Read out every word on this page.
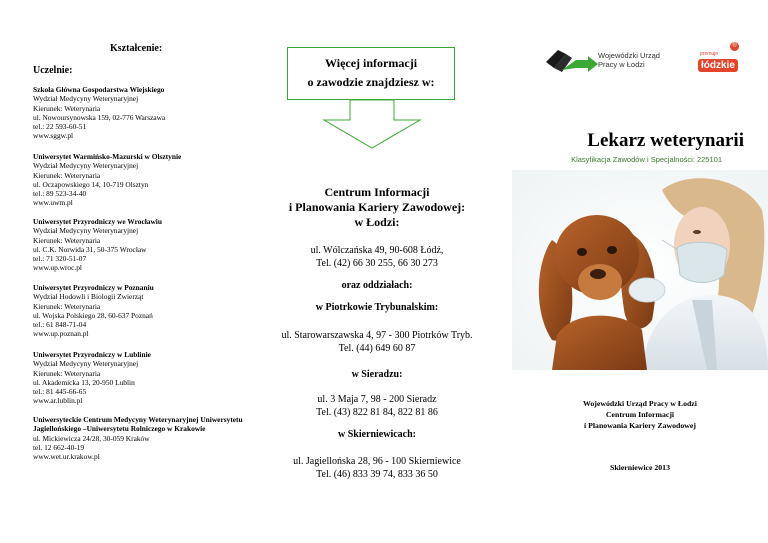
Kształcenie:
Uczelnie:
Szkoła Główna Gospodarstwa Wiejskiego
Wydział Medycyny Weterynaryjnej
Kierunek: Weterynaria
ul. Nowoursynowska 159, 02-776 Warszawa
tel.: 22 593-60-51
www.sggw.pl
Uniwersytet Warmińsko-Mazurski w Olsztynie
Wydział Medycyny Weterynaryjnej
Kierunek: Weterynaria
ul. Oczapowskiego 14, 10-719 Olsztyn
tel.: 89 523-34-40
www.uwm.pl
Uniwersytet Przyrodniczy we Wrocławiu
Wydział Medycyny Weterynaryjnej
Kierunek: Weterynaria
ul. C.K. Norwida 31, 50-375 Wrocław
tel.: 71 320-51-07
www.up.wroc.pl
Uniwersytet Przyrodniczy w Poznaniu
Wydział Hodowli i Biologii Zwierząt
Kierunek: Weterynaria
ul. Wojska Polskiego 28, 60-637 Poznań
tel.: 61 848-71-04
www.up.poznan.pl
Uniwersytet Przyrodniczy w Lublinie
Wydział Medycyny Weterynaryjnej
Kierunek: Weterynaria
ul. Akademicka 13, 20-950 Lublin
tel.: 81 445-66-65
www.ar.lublin.pl
Uniwersyteckie Centrum Medycyny Weterynaryjnej Uniwersytetu Jagiellońskiego –Uniwersytetu Rolniczego w Krakowie
ul. Mickiewicza 24/28, 30-059 Kraków
tel. 12 662-40-19
www.wet.ur.krakow.pl
Więcej informacji
o zawodzie znajdziesz w:
Centrum Informacji
i Planowania Kariery Zawodowej:
w Łodzi:
ul. Wólczańska 49, 90-608 Łódź,
Tel. (42) 66 30 255, 66 30 273
oraz oddziałach:
w Piotrkowie Trybunalskim:
ul. Starowarszawska 4, 97 - 300 Piotrków Tryb.
Tel. (44) 649 60 87
w Sieradzu:
ul. 3 Maja 7, 98 - 200 Sieradz
Tel. (43) 822 81 84, 822 81 86
w Skierniewicach:
ul. Jagiellońska 28, 96 - 100 Skierniewice
Tel. (46) 833 39 74, 833 36 50
Wojewódzki Urząd
Pracy w Łodzi
promuje
łódzkie
®
Lekarz weterynarii
Klasyfikacja Zawodów i Specjalności: 225101
Wojewódzki Urząd Pracy w Łodzi
Centrum Informacji
i Planowania Kariery Zawodowej
Skierniewice 2013
